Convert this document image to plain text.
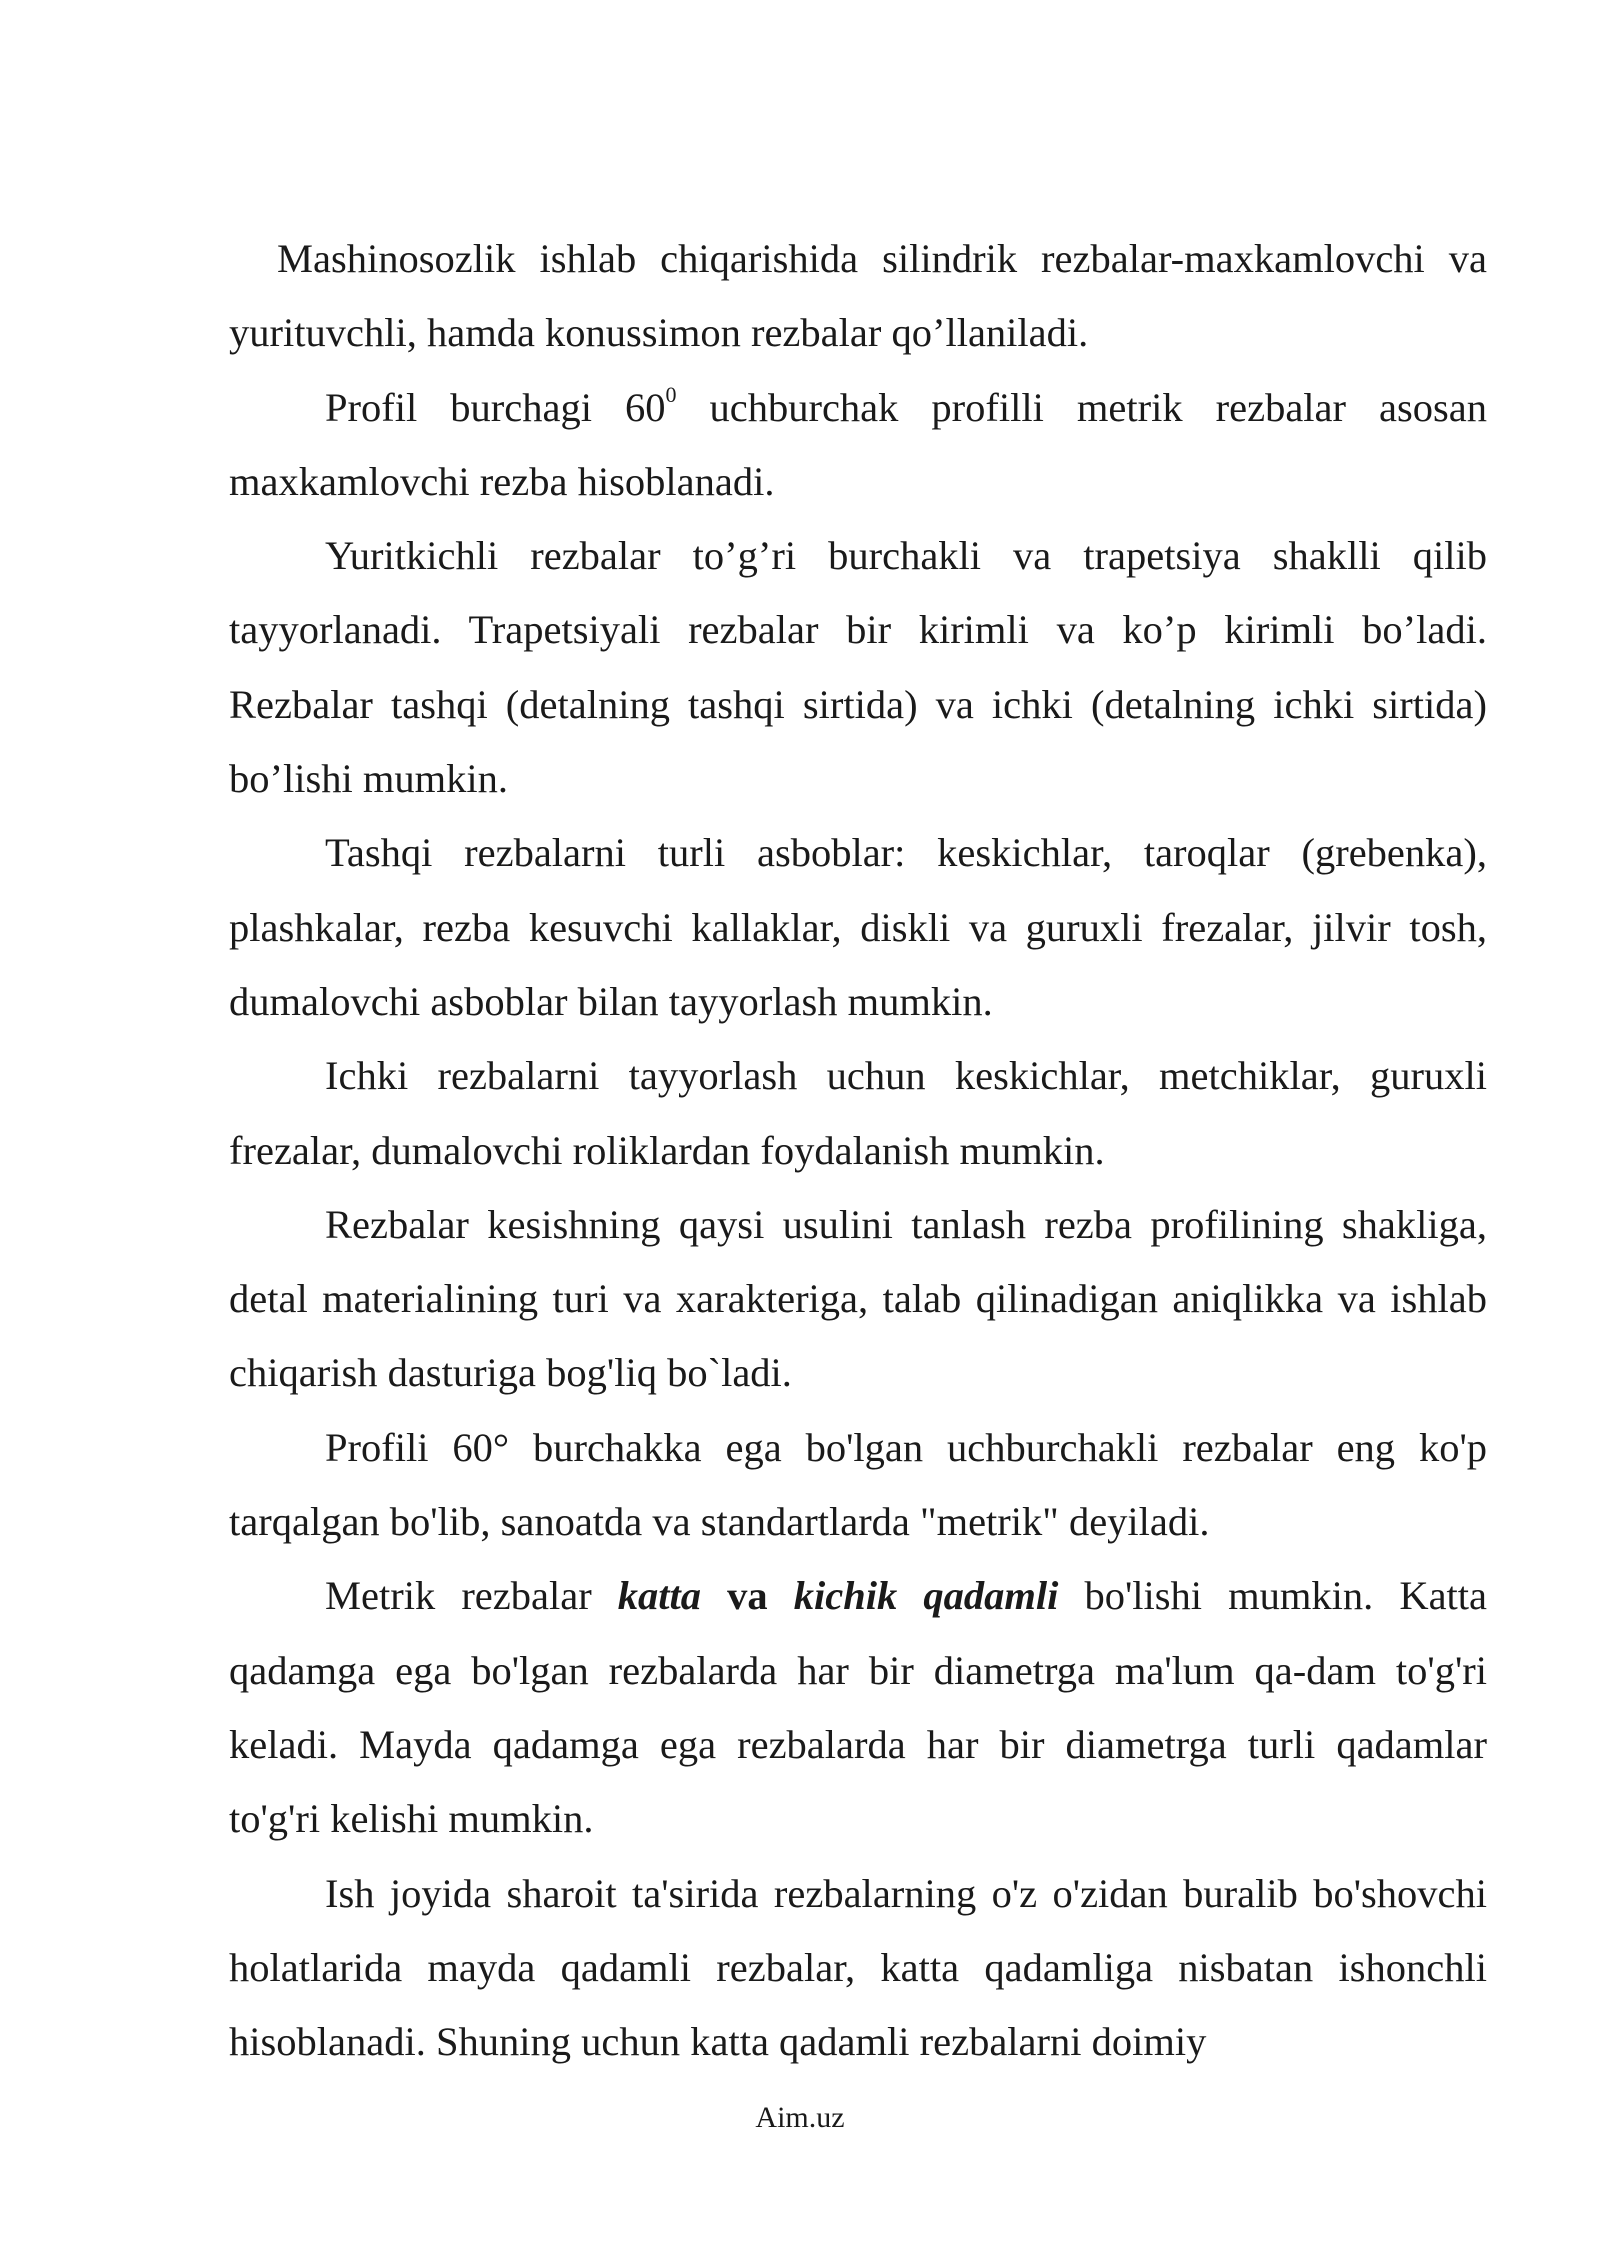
Mashinosozlik ishlab chiqarishida silindrik rezbalar-maxkamlovchi va yurituvchli, hamda konussimon rezbalar qo’llaniladi.

Profil burchagi $60^0$ uchburchak profilli metrik rezbalar asosan maxkamlovchi rezba hisoblanadi.

Yuritkichli rezbalar to’g’ri burchakli va trapetsiya shaklli qilib tayyorlanadi. Trapetsiyali rezbalar bir kirimli va ko’p kirimli bo’ladi. Rezbalar tashqi (detalning tashqi sirtida) va ichki (detalning ichki sirtida) bo’lishi mumkin.

Tashqi rezbalarni turli asboblar: keskichlar, taroqlar (grebenka), plashkalar, rezba kesuvchi kallaklar, diskli va guruxli frezalar, jilvir tosh, dumalovchi asboblar bilan tayyorlash mumkin.

Ichki rezbalarni tayyorlash uchun keskichlar, metchiklar, guruxli frezalar, dumalovchi roliklardan foydalanish mumkin.

Rezbalar kesishning qaysi usulini tanlash rezba profilining shakliga, detal materialining turi va xarakteriga, talab qilinadigan aniqlikka va ishlab chiqarish dasturiga bog'liq bo`ladi.

Profili 60° burchakka ega bo'lgan uchburchakli rezbalar eng ko'p tarqalgan bo'lib, sanoatda va standartlarda "metrik" deyiladi.

Metrik rezbalar katta va kichik qadamli bo'lishi mumkin. Katta qadamga ega bo'lgan rezbalarda har bir diametrga ma'lum qa-dam to'g'ri keladi. Mayda qadamga ega rezbalarda har bir diametrga turli qadamlar to'g'ri kelishi mumkin.

Ish joyida sharoit ta'sirida rezbalarning o'z o'zidan buralib bo'shovchi holatlarida mayda qadamli rezbalar, katta qadamliga nisbatan ishonchli hisoblanadi. Shuning uchun katta qadamli rezbalarni doimiy

Aim.uz
